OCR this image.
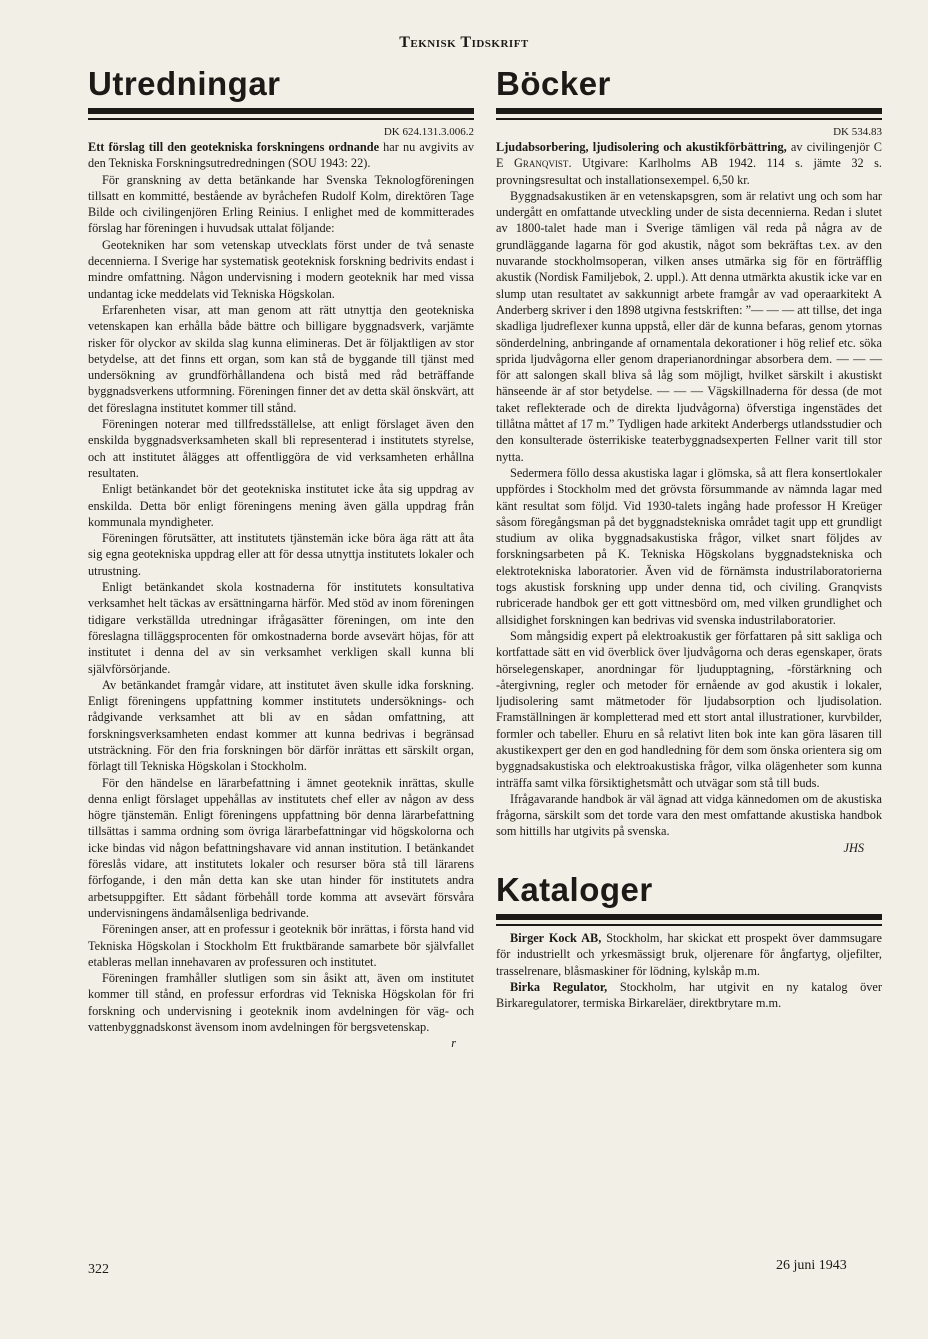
Teknisk Tidskrift
Utredningar
DK 624.131.3.006.2

Ett förslag till den geotekniska forskningens ordnande har nu avgivits av den Tekniska Forskningsutredredningen (SOU 1943: 22).

För granskning av detta betänkande har Svenska Teknologföreningen tillsatt en kommitté, bestående av byråchefen Rudolf Kolm, direktören Tage Bilde och civilingenjören Erling Reinius. I enlighet med de kommitterades förslag har föreningen i huvudsak uttalat följande:

Geotekniken har som vetenskap utvecklats först under de två senaste decennierna. I Sverige har systematisk geoteknisk forskning bedrivits endast i mindre omfattning. Någon undervisning i modern geoteknik har med vissa undantag icke meddelats vid Tekniska Högskolan.

Erfarenheten visar, att man genom att rätt utnyttja den geotekniska vetenskapen kan erhålla både bättre och billigare byggnadsverk, varjämte risker för olyckor av skilda slag kunna elimineras. Det är följaktligen av stor betydelse, att det finns ett organ, som kan stå de byggande till tjänst med undersökning av grundförhållandena och bistå med råd beträffande byggnadsverkens utformning. Föreningen finner det av detta skäl önskvärt, att det föreslagna institutet kommer till stånd.

Föreningen noterar med tillfredsställelse, att enligt förslaget även den enskilda byggnadsverksamheten skall bli representerad i institutets styrelse, och att institutet ålägges att offentliggöra de vid verksamheten erhållna resultaten.

Enligt betänkandet bör det geotekniska institutet icke åta sig uppdrag av enskilda. Detta bör enligt föreningens mening även gälla uppdrag från kommunala myndigheter.

Föreningen förutsätter, att institutets tjänstemän icke böra äga rätt att åta sig egna geotekniska uppdrag eller att för dessa utnyttja institutets lokaler och utrustning.

Enligt betänkandet skola kostnaderna för institutets konsultativa verksamhet helt täckas av ersättningarna härför. Med stöd av inom föreningen tidigare verkställda utredningar ifrågasätter föreningen, om inte den föreslagna tilläggsprocenten för omkostnaderna borde avsevärt höjas, för att institutet i denna del av sin verksamhet verkligen skall kunna bli självförsörjande.

Av betänkandet framgår vidare, att institutet även skulle idka forskning. Enligt föreningens uppfattning kommer institutets undersöknings- och rådgivande verksamhet att bli av en sådan omfattning, att forskningsverksamheten endast kommer att kunna bedrivas i begränsad utsträckning. För den fria forskningen bör därför inrättas ett särskilt organ, förlagt till Tekniska Högskolan i Stockholm.

För den händelse en lärarbefattning i ämnet geoteknik inrättas, skulle denna enligt förslaget uppehållas av institutets chef eller av någon av dess högre tjänstemän. Enligt föreningens uppfattning bör denna lärarbefattning tillsättas i samma ordning som övriga lärarbefattningar vid högskolorna och icke bindas vid någon befattningshavare vid annan institution. I betänkandet föreslås vidare, att institutets lokaler och resurser böra stå till lärarens förfogande, i den mån detta kan ske utan hinder för institutets andra arbetsuppgifter. Ett sådant förbehåll torde komma att avsevärt försvåra undervisningens ändamålsenliga bedrivande.

Föreningen anser, att en professur i geoteknik bör inrättas, i första hand vid Tekniska Högskolan i Stockholm Ett fruktbärande samarbete bör självfallet etableras mellan innehavaren av professuren och institutet.

Föreningen framhåller slutligen som sin åsikt att, även om institutet kommer till stånd, en professur erfordras vid Tekniska Högskolan för fri forskning och undervisning i geoteknik inom avdelningen för väg- och vattenbyggnadskonst ävensom inom avdelningen för bergsvetenskap.

r
Böcker
DK 534.83

Ljudabsorbering, ljudisolering och akustikförbättring, av civilingenjör C E Granqvist. Utgivare: Karlholms AB 1942. 114 s. jämte 32 s. provningsresultat och installationsexempel. 6,50 kr.

Byggnadsakustiken är en vetenskapsgren, som är relativt ung och som har undergått en omfattande utveckling under de sista decennierna. Redan i slutet av 1800-talet hade man i Sverige tämligen väl reda på några av de grundläggande lagarna för god akustik, något som bekräftas t.ex. av den nuvarande stockholmsoperan, vilken anses utmärka sig för en förträfflig akustik (Nordisk Familjebok, 2. uppl.). Att denna utmärkta akustik icke var en slump utan resultatet av sakkunnigt arbete framgår av vad operaarkitekt A Anderberg skriver i den 1898 utgivna festskriften: ”— — — att tillse, det inga skadliga ljudreflexer kunna uppstå, eller där de kunna befaras, genom ytornas sönderdelning, anbringande af ornamentala dekorationer i hög relief etc. söka sprida ljudvågorna eller genom draperianordningar absorbera dem. — — — för att salongen skall bliva så låg som möjligt, hvilket särskilt i akustiskt hänseende är af stor betydelse. — — — Vägskillnaderna för dessa (de mot taket reflekterade och de direkta ljudvågorna) öfverstiga ingenstädes det tillåtna måttet af 17 m.” Tydligen hade arkitekt Anderbergs utlandsstudier och den konsulterade österrikiske teaterbyggnadsexperten Fellner varit till stor nytta.

Sedermera föllo dessa akustiska lagar i glömska, så att flera konsertlokaler uppfördes i Stockholm med det grövsta försummande av nämnda lagar med känt resultat som följd. Vid 1930-talets ingång hade professor H Kreüger såsom föregångsman på det byggnadstekniska området tagit upp ett grundligt studium av olika byggnadsakustiska frågor, vilket snart följdes av forskningsarbeten på K. Tekniska Högskolans byggnadstekniska och elektrotekniska laboratorier. Även vid de förnämsta industrilaboratorierna togs akustisk forskning upp under denna tid, och civiling. Granqvists rubricerade handbok ger ett gott vittnesbörd om, med vilken grundlighet och allsidighet forskningen kan bedrivas vid svenska industrilaboratorier.

Som mångsidig expert på elektroakustik ger författaren på sitt sakliga och kortfattade sätt en vid överblick över ljudvågorna och deras egenskaper, örats hörselegenskaper, anordningar för ljudupptagning, -förstärkning och -återgivning, regler och metoder för ernående av god akustik i lokaler, ljudisolering samt mätmetoder för ljudabsorption och ljudisolation. Framställningen är kompletterad med ett stort antal illustrationer, kurvbilder, formler och tabeller. Ehuru en så relativt liten bok inte kan göra läsaren till akustikexpert ger den en god handledning för dem som önska orientera sig om byggnadsakustiska och elektroakustiska frågor, vilka olägenheter som kunna inträffa samt vilka försiktighetsmått och utvägar som stå till buds.

Ifrågavarande handbok är väl ägnad att vidga kännedomen om de akustiska frågorna, särskilt som det torde vara den mest omfattande akustiska handbok som hittills har utgivits på svenska.

JHS
Kataloger

Birger Kock AB, Stockholm, har skickat ett prospekt över dammsugare för industriellt och yrkesmässigt bruk, oljerenare för ångfartyg, oljefilter, trasselrenare, blåsmaskiner för lödning, kylskåp m.m.

Birka Regulator, Stockholm, har utgivit en ny katalog över Birkaregulatorer, termiska Birkareläer, direktbrytare m.m.

322	26 juni 1943
